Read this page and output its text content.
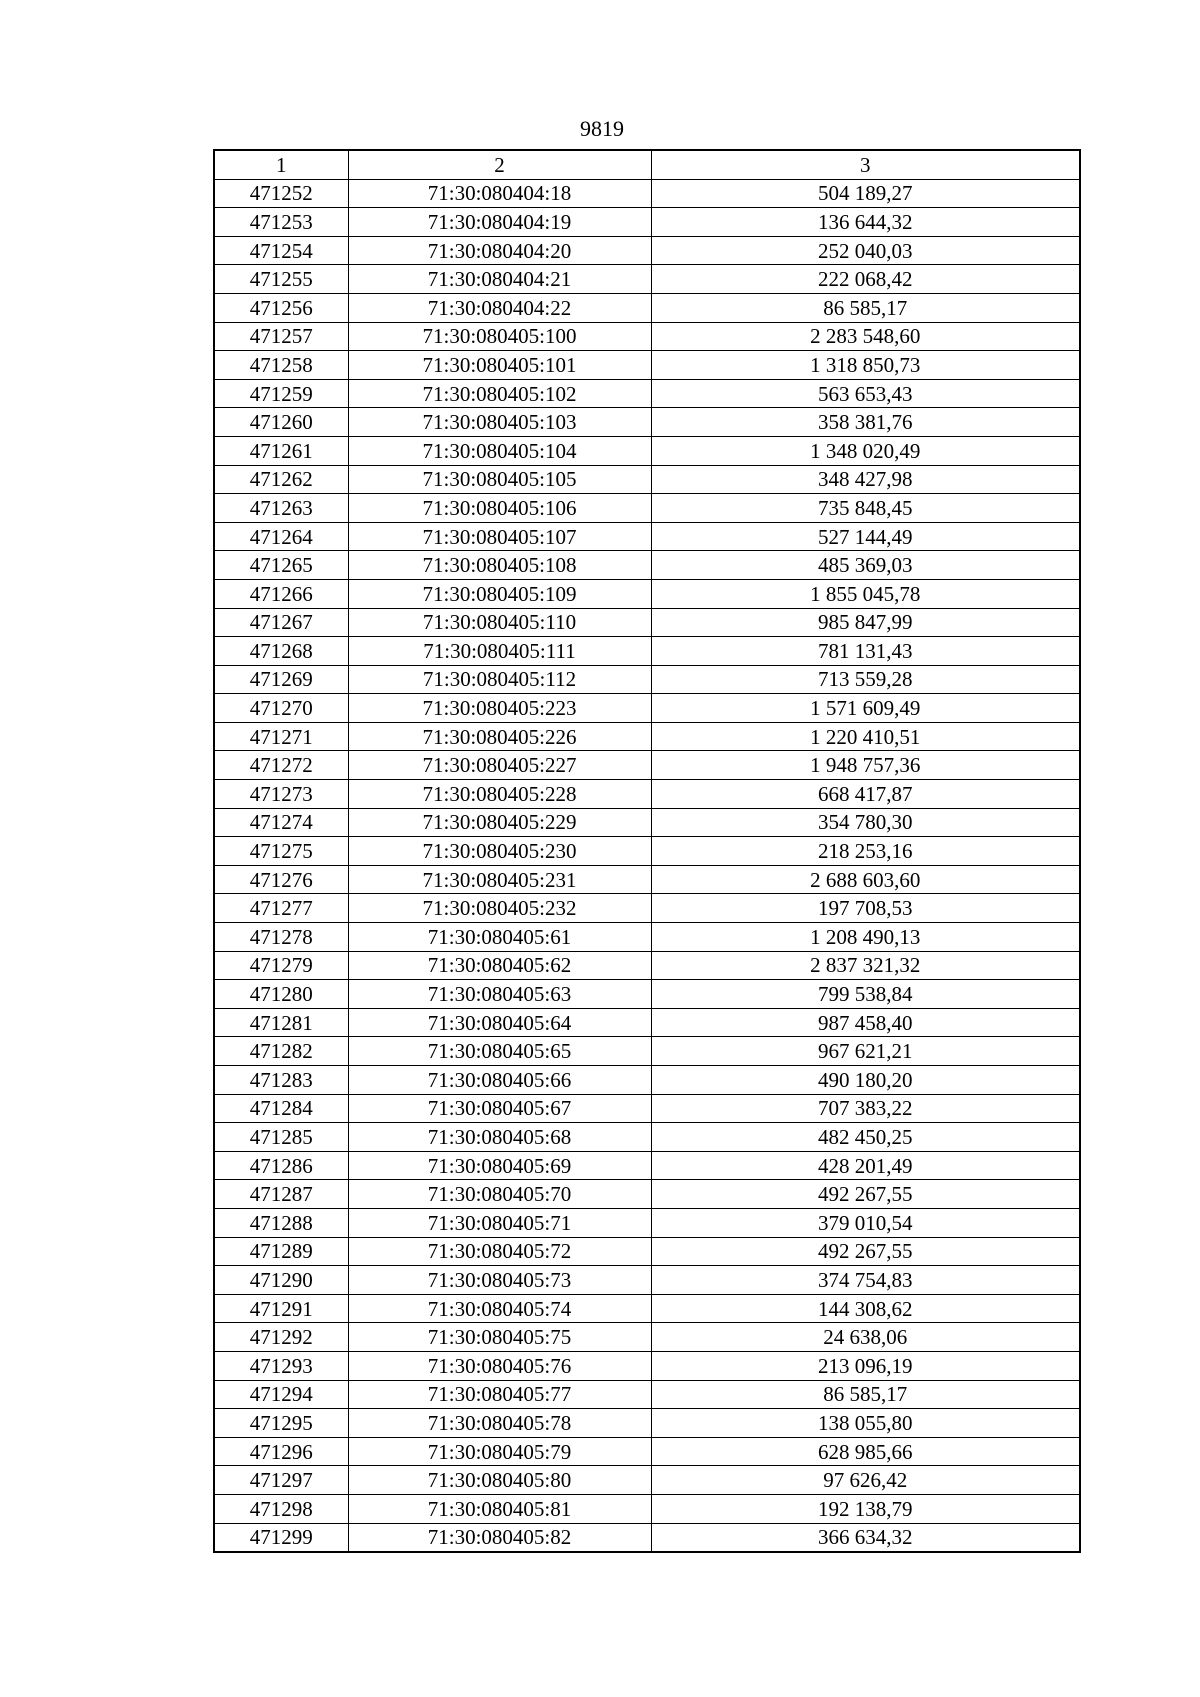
9819
1	2	3
471252	71:30:080404:18	504 189,27
471253	71:30:080404:19	136 644,32
471254	71:30:080404:20	252 040,03
471255	71:30:080404:21	222 068,42
471256	71:30:080404:22	86 585,17
471257	71:30:080405:100	2 283 548,60
471258	71:30:080405:101	1 318 850,73
471259	71:30:080405:102	563 653,43
471260	71:30:080405:103	358 381,76
471261	71:30:080405:104	1 348 020,49
471262	71:30:080405:105	348 427,98
471263	71:30:080405:106	735 848,45
471264	71:30:080405:107	527 144,49
471265	71:30:080405:108	485 369,03
471266	71:30:080405:109	1 855 045,78
471267	71:30:080405:110	985 847,99
471268	71:30:080405:111	781 131,43
471269	71:30:080405:112	713 559,28
471270	71:30:080405:223	1 571 609,49
471271	71:30:080405:226	1 220 410,51
471272	71:30:080405:227	1 948 757,36
471273	71:30:080405:228	668 417,87
471274	71:30:080405:229	354 780,30
471275	71:30:080405:230	218 253,16
471276	71:30:080405:231	2 688 603,60
471277	71:30:080405:232	197 708,53
471278	71:30:080405:61	1 208 490,13
471279	71:30:080405:62	2 837 321,32
471280	71:30:080405:63	799 538,84
471281	71:30:080405:64	987 458,40
471282	71:30:080405:65	967 621,21
471283	71:30:080405:66	490 180,20
471284	71:30:080405:67	707 383,22
471285	71:30:080405:68	482 450,25
471286	71:30:080405:69	428 201,49
471287	71:30:080405:70	492 267,55
471288	71:30:080405:71	379 010,54
471289	71:30:080405:72	492 267,55
471290	71:30:080405:73	374 754,83
471291	71:30:080405:74	144 308,62
471292	71:30:080405:75	24 638,06
471293	71:30:080405:76	213 096,19
471294	71:30:080405:77	86 585,17
471295	71:30:080405:78	138 055,80
471296	71:30:080405:79	628 985,66
471297	71:30:080405:80	97 626,42
471298	71:30:080405:81	192 138,79
471299	71:30:080405:82	366 634,32
